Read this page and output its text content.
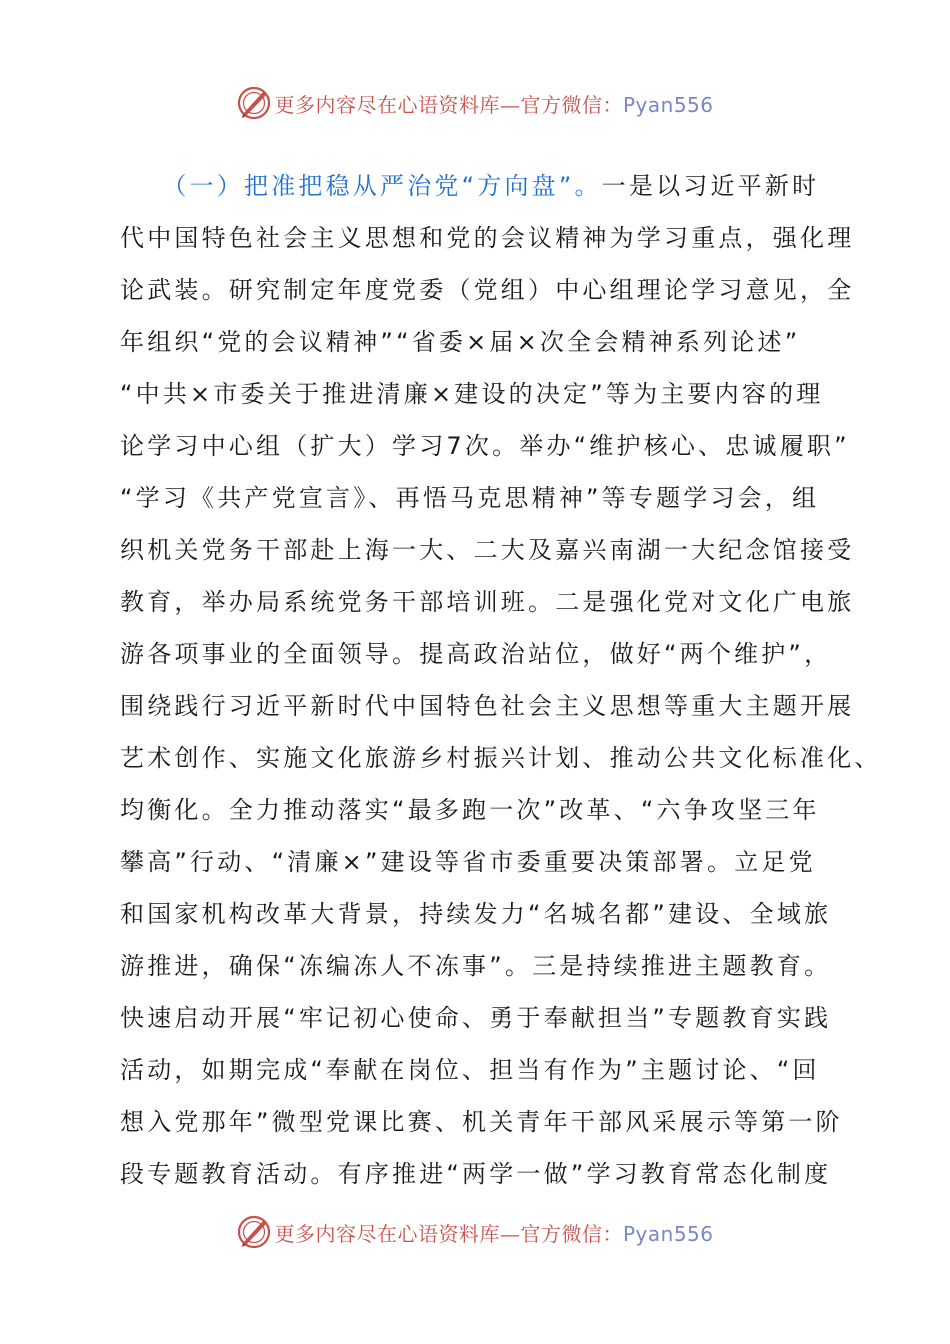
更多内容尽在心语资料库—官方微信：Pyan556
　　（一）把准把稳从严治党“方向盘”。一是以习近平新时
代中国特色社会主义思想和党的会议精神为学习重点，强化理
论武装。研究制定年度党委（党组）中心组理论学习意见，全
年组织“党的会议精神”“省委×届×次全会精神系列论述”
“中共×市委关于推进清廉×建设的决定”等为主要内容的理
论学习中心组（扩大）学习7次。举办“维护核心、忠诚履职”
“学习《共产党宣言》、再悟马克思精神”等专题学习会，组
织机关党务干部赴上海一大、二大及嘉兴南湖一大纪念馆接受
教育，举办局系统党务干部培训班。二是强化党对文化广电旅
游各项事业的全面领导。提高政治站位，做好“两个维护”，
围绕践行习近平新时代中国特色社会主义思想等重大主题开展
艺术创作、实施文化旅游乡村振兴计划、推动公共文化标准化、
均衡化。全力推动落实“最多跑一次”改革、“六争攻坚三年
攀高”行动、“清廉×”建设等省市委重要决策部署。立足党
和国家机构改革大背景，持续发力“名城名都”建设、全域旅
游推进，确保“冻编冻人不冻事”。三是持续推进主题教育。
快速启动开展“牢记初心使命、勇于奉献担当”专题教育实践
活动，如期完成“奉献在岗位、担当有作为”主题讨论、“回
想入党那年”微型党课比赛、机关青年干部风采展示等第一阶
段专题教育活动。有序推进“两学一做”学习教育常态化制度
更多内容尽在心语资料库—官方微信：Pyan556
